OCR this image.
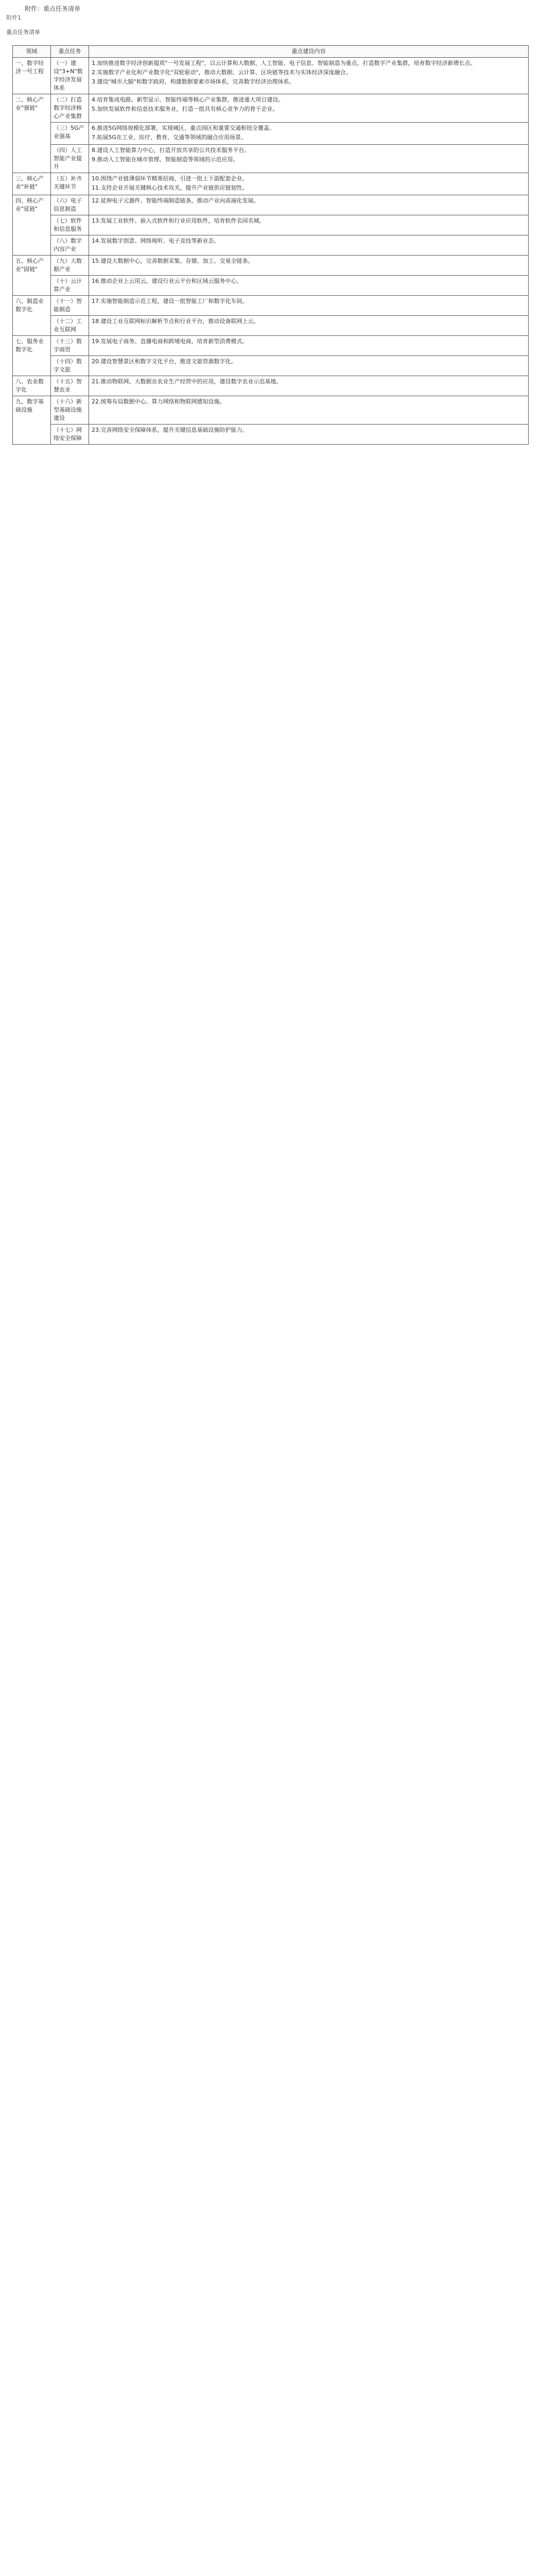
附件：重点任务清单
附件1
重点任务清单
领域	重点任务	重点建设内容
一、数字经济一号工程	（一）建设"3+N"数字经济发展体系	1.加快推进数字经济创新提质"一号发展工程"，以云计算和大数据、人工智能、电子信息、智能制造为重点，打造数字产业集群，培育数字经济新增长点。
2.实施数字产业化和产业数字化"双轮驱动"，推动大数据、云计算、区块链等技术与实体经济深度融合。
3.建设"城市大脑"和数字政府，构建数据要素市场体系，完善数字经济治理体系。

二、核心产业"强链"	（二）打造数字经济核心产业集群	4.培育集成电路、新型显示、智能终端等核心产业集群，推进重大项目建设。
5.加快发展软件和信息技术服务业，打造一批具有核心竞争力的骨干企业。

	（三）5G产业强基	6.推进5G网络规模化部署，实现城区、重点园区和重要交通枢纽全覆盖。
7.拓展5G在工业、医疗、教育、交通等领域的融合应用场景。

	（四）人工智能产业提升	8.建设人工智能算力中心，打造开放共享的公共技术服务平台。
9.推动人工智能在城市管理、智能制造等领域的示范应用。

三、核心产业"补链"	（五）补齐关键环节	10.围绕产业链薄弱环节精准招商，引进一批上下游配套企业。
11.支持企业开展关键核心技术攻关，提升产业链供应链韧性。

四、核心产业"延链"	（六）电子信息制造	12.延伸电子元器件、智能终端制造链条，推动产业向高端化发展。

	（七）软件和信息服务	13.发展工业软件、嵌入式软件和行业应用软件，培育软件名园名城。

	（八）数字内容产业	14.发展数字创意、网络视听、电子竞技等新业态。

五、核心产业"固链"	（九）大数据产业	15.建设大数据中心，完善数据采集、存储、加工、交易全链条。

	（十）云计算产业	16.推动企业上云用云，建设行业云平台和区域云服务中心。

六、制造业数字化	（十一）智能制造	17.实施智能制造示范工程，建设一批智能工厂和数字化车间。

	（十二）工业互联网	18.建设工业互联网标识解析节点和行业平台，推动设备联网上云。

七、服务业数字化	（十三）数字商贸	19.发展电子商务、直播电商和跨境电商，培育新型消费模式。

	（十四）数字文旅	20.建设智慧景区和数字文化平台，推进文旅资源数字化。

八、农业数字化	（十五）智慧农业	21.推动物联网、大数据在农业生产经营中的应用，建设数字农业示范基地。

九、数字基础设施	（十六）新型基础设施建设	22.统筹布局数据中心、算力网络和物联网感知设施。

	（十七）网络安全保障	23.完善网络安全保障体系，提升关键信息基础设施防护能力。
